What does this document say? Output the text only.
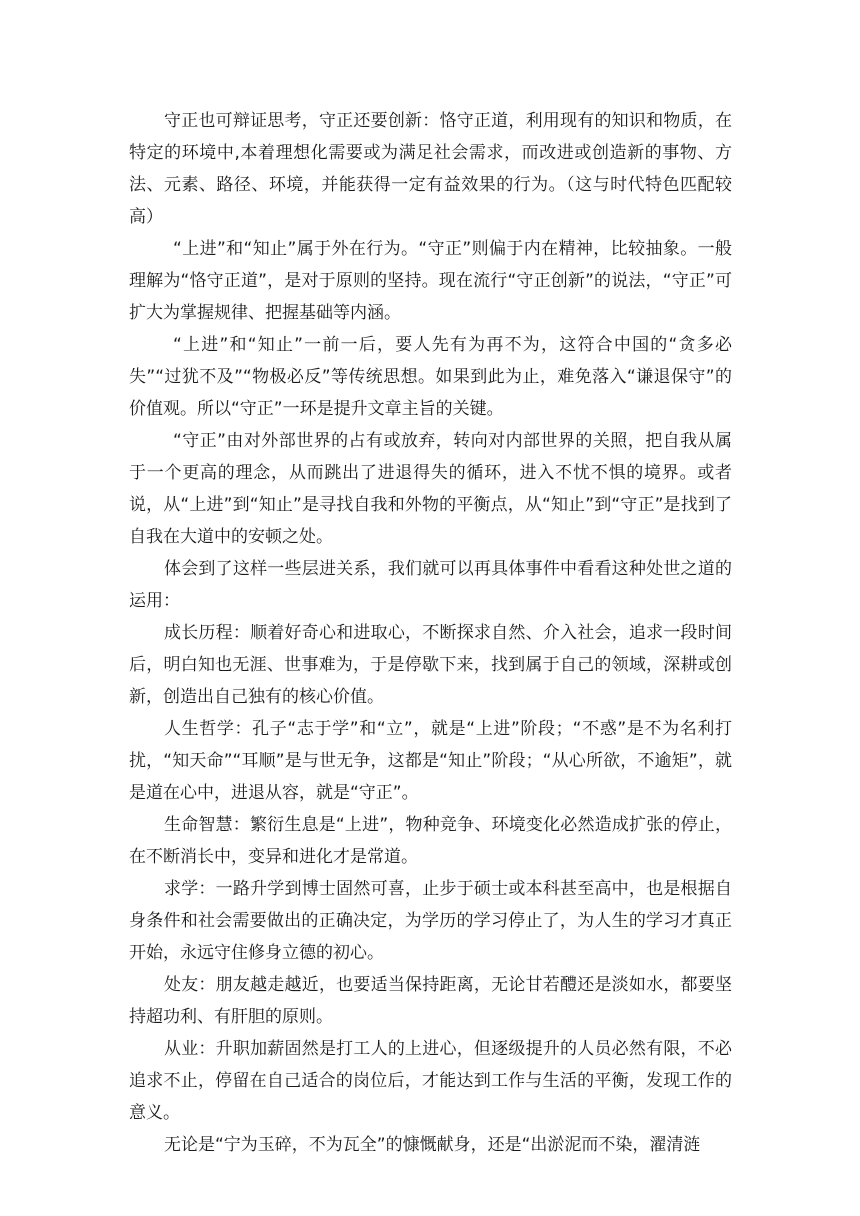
守正也可辩证思考，守正还要创新：恪守正道，利用现有的知识和物质，在特定的环境中,本着理想化需要或为满足社会需求，而改进或创造新的事物、方法、元素、路径、环境，并能获得一定有益效果的行为。（这与时代特色匹配较高）

“上进”和“知止”属于外在行为。“守正”则偏于内在精神，比较抽象。一般理解为“恪守正道”，是对于原则的坚持。现在流行“守正创新”的说法，“守正”可扩大为掌握规律、把握基础等内涵。

“上进”和“知止”一前一后，要人先有为再不为，这符合中国的“贪多必失”“过犹不及”“物极必反”等传统思想。如果到此为止，难免落入“谦退保守”的价值观。所以“守正”一环是提升文章主旨的关键。

“守正”由对外部世界的占有或放弃，转向对内部世界的关照，把自我从属于一个更高的理念，从而跳出了进退得失的循环，进入不忧不惧的境界。或者说，从“上进”到“知止”是寻找自我和外物的平衡点，从“知止”到“守正”是找到了自我在大道中的安顿之处。

体会到了这样一些层进关系，我们就可以再具体事件中看看这种处世之道的运用：

成长历程：顺着好奇心和进取心，不断探求自然、介入社会，追求一段时间后，明白知也无涯、世事难为，于是停歇下来，找到属于自己的领域，深耕或创新，创造出自己独有的核心价值。

人生哲学：孔子“志于学”和“立”，就是“上进”阶段；“不惑”是不为名利打扰，“知天命”“耳顺”是与世无争，这都是“知止”阶段；“从心所欲，不逾矩”，就是道在心中，进退从容，就是“守正”。

生命智慧：繁衍生息是“上进”，物种竞争、环境变化必然造成扩张的停止，在不断消长中，变异和进化才是常道。

求学：一路升学到博士固然可喜，止步于硕士或本科甚至高中，也是根据自身条件和社会需要做出的正确决定，为学历的学习停止了，为人生的学习才真正开始，永远守住修身立德的初心。

处友：朋友越走越近，也要适当保持距离，无论甘若醴还是淡如水，都要坚持超功利、有肝胆的原则。

从业：升职加薪固然是打工人的上进心，但逐级提升的人员必然有限，不必追求不止，停留在自己适合的岗位后，才能达到工作与生活的平衡，发现工作的意义。

无论是“宁为玉碎，不为瓦全”的慷慨献身，还是“出淤泥而不染，濯清涟
